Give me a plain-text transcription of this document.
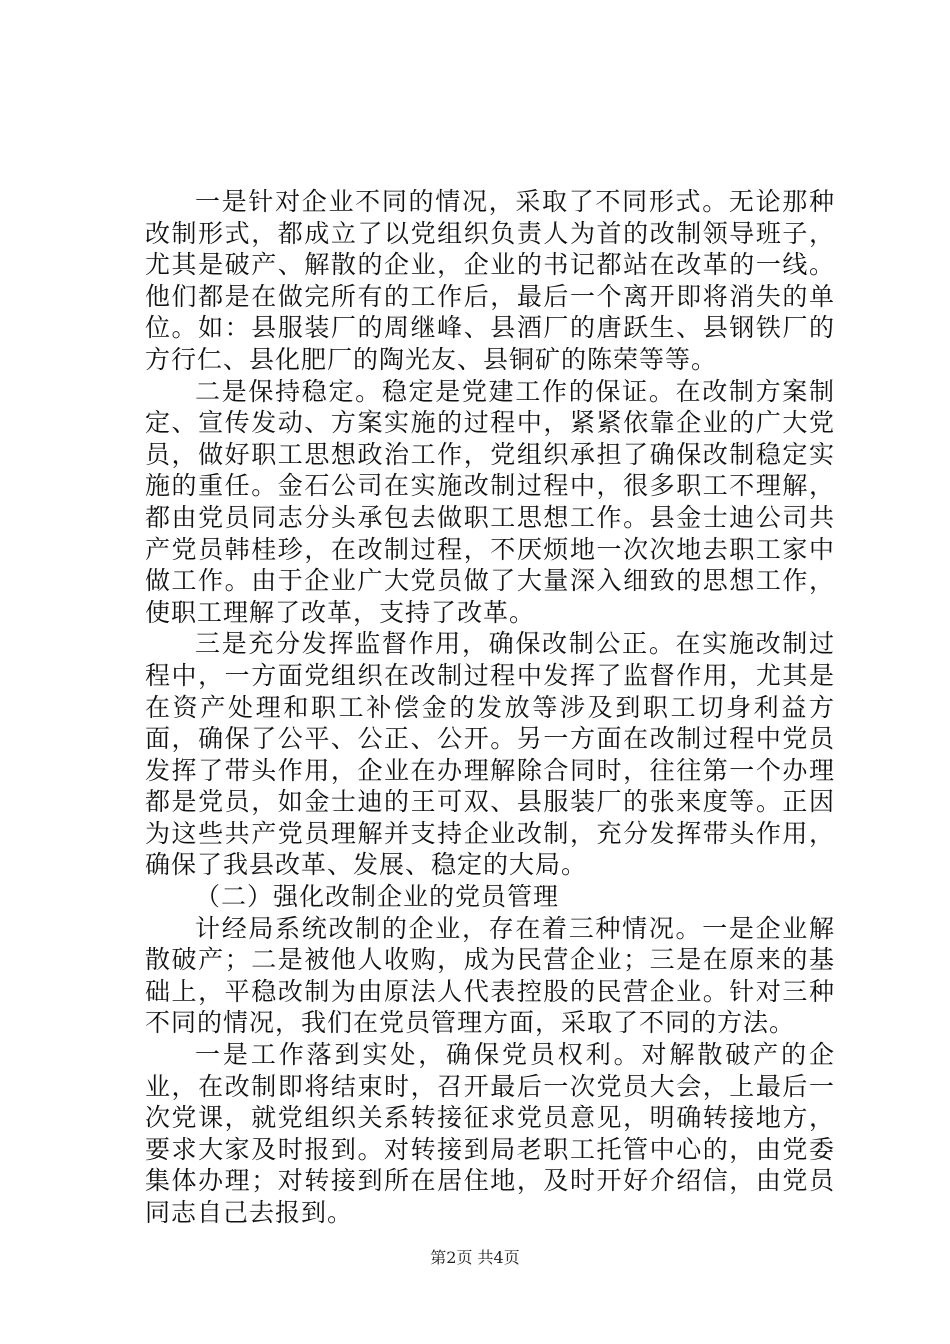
一是针对企业不同的情况，采取了不同形式。无论那种改制形式，都成立了以党组织负责人为首的改制领导班子，尤其是破产、解散的企业，企业的书记都站在改革的一线。他们都是在做完所有的工作后，最后一个离开即将消失的单位。如：县服装厂的周继峰、县酒厂的唐跃生、县钢铁厂的方行仁、县化肥厂的陶光友、县铜矿的陈荣等等。

二是保持稳定。稳定是党建工作的保证。在改制方案制定、宣传发动、方案实施的过程中，紧紧依靠企业的广大党员，做好职工思想政治工作，党组织承担了确保改制稳定实施的重任。金石公司在实施改制过程中，很多职工不理解，都由党员同志分头承包去做职工思想工作。县金士迪公司共产党员韩桂珍，在改制过程，不厌烦地一次次地去职工家中做工作。由于企业广大党员做了大量深入细致的思想工作，使职工理解了改革，支持了改革。

三是充分发挥监督作用，确保改制公正。在实施改制过程中，一方面党组织在改制过程中发挥了监督作用，尤其是在资产处理和职工补偿金的发放等涉及到职工切身利益方面，确保了公平、公正、公开。另一方面在改制过程中党员发挥了带头作用，企业在办理解除合同时，往往第一个办理都是党员，如金士迪的王可双、县服装厂的张来度等。正因为这些共产党员理解并支持企业改制，充分发挥带头作用，确保了我县改革、发展、稳定的大局。

（二）强化改制企业的党员管理

计经局系统改制的企业，存在着三种情况。一是企业解散破产；二是被他人收购，成为民营企业；三是在原来的基础上，平稳改制为由原法人代表控股的民营企业。针对三种不同的情况，我们在党员管理方面，采取了不同的方法。

一是工作落到实处，确保党员权利。对解散破产的企业，在改制即将结束时，召开最后一次党员大会，上最后一次党课，就党组织关系转接征求党员意见，明确转接地方，要求大家及时报到。对转接到局老职工托管中心的，由党委集体办理；对转接到所在居住地，及时开好介绍信，由党员同志自己去报到。

第2页 共4页
